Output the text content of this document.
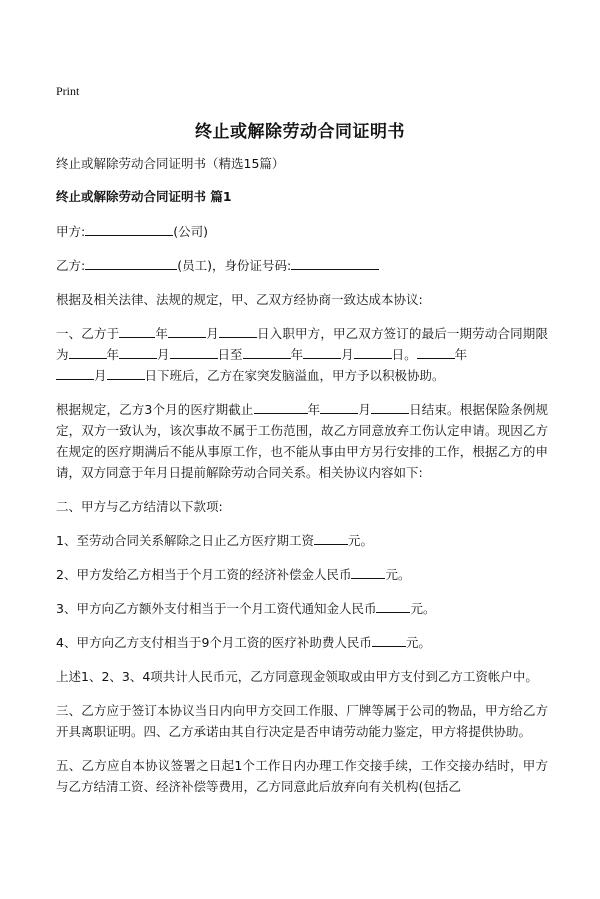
Print
终止或解除劳动合同证明书

终止或解除劳动合同证明书（精选15篇）

终止或解除劳动合同证明书 篇1

甲方:	(公司)

乙方:	(员工)，身份证号码:

根据及相关法律、法规的规定，甲、乙双方经协商一致达成本协议:

一、乙方于	年	月	日入职甲方，甲乙双方签订的最后一期劳动合同期限为	年	月	日至	年	月	日。	年
月	日下班后，乙方在家突发脑溢血，甲方予以积极协助。

根据规定，乙方3个月的医疗期截止	年	月	日结束。根据保险条例规定，双方一致认为，该次事故不属于工伤范围，故乙方同意放弃工伤认定申请。现因乙方在规定的医疗期满后不能从事原工作，也不能从事由甲方另行安排的工作，根据乙方的申请，双方同意于年月日提前解除劳动合同关系。相关协议内容如下:

二、甲方与乙方结清以下款项:

1、至劳动合同关系解除之日止乙方医疗期工资	元。

2、甲方发给乙方相当于个月工资的经济补偿金人民币	元。

3、甲方向乙方额外支付相当于一个月工资代通知金人民币	元。

4、甲方向乙方支付相当于9个月工资的医疗补助费人民币	元。

上述1、2、3、4项共计人民币元，乙方同意现金领取或由甲方支付到乙方工资帐户中。

三、乙方应于签订本协议当日内向甲方交回工作服、厂牌等属于公司的物品，甲方给乙方开具离职证明。四、乙方承诺由其自行决定是否申请劳动能力鉴定，甲方将提供协助。

五、乙方应自本协议签署之日起1个工作日内办理工作交接手续，工作交接办结时，甲方与乙方结清工资、经济补偿等费用，乙方同意此后放弃向有关机构(包括乙
